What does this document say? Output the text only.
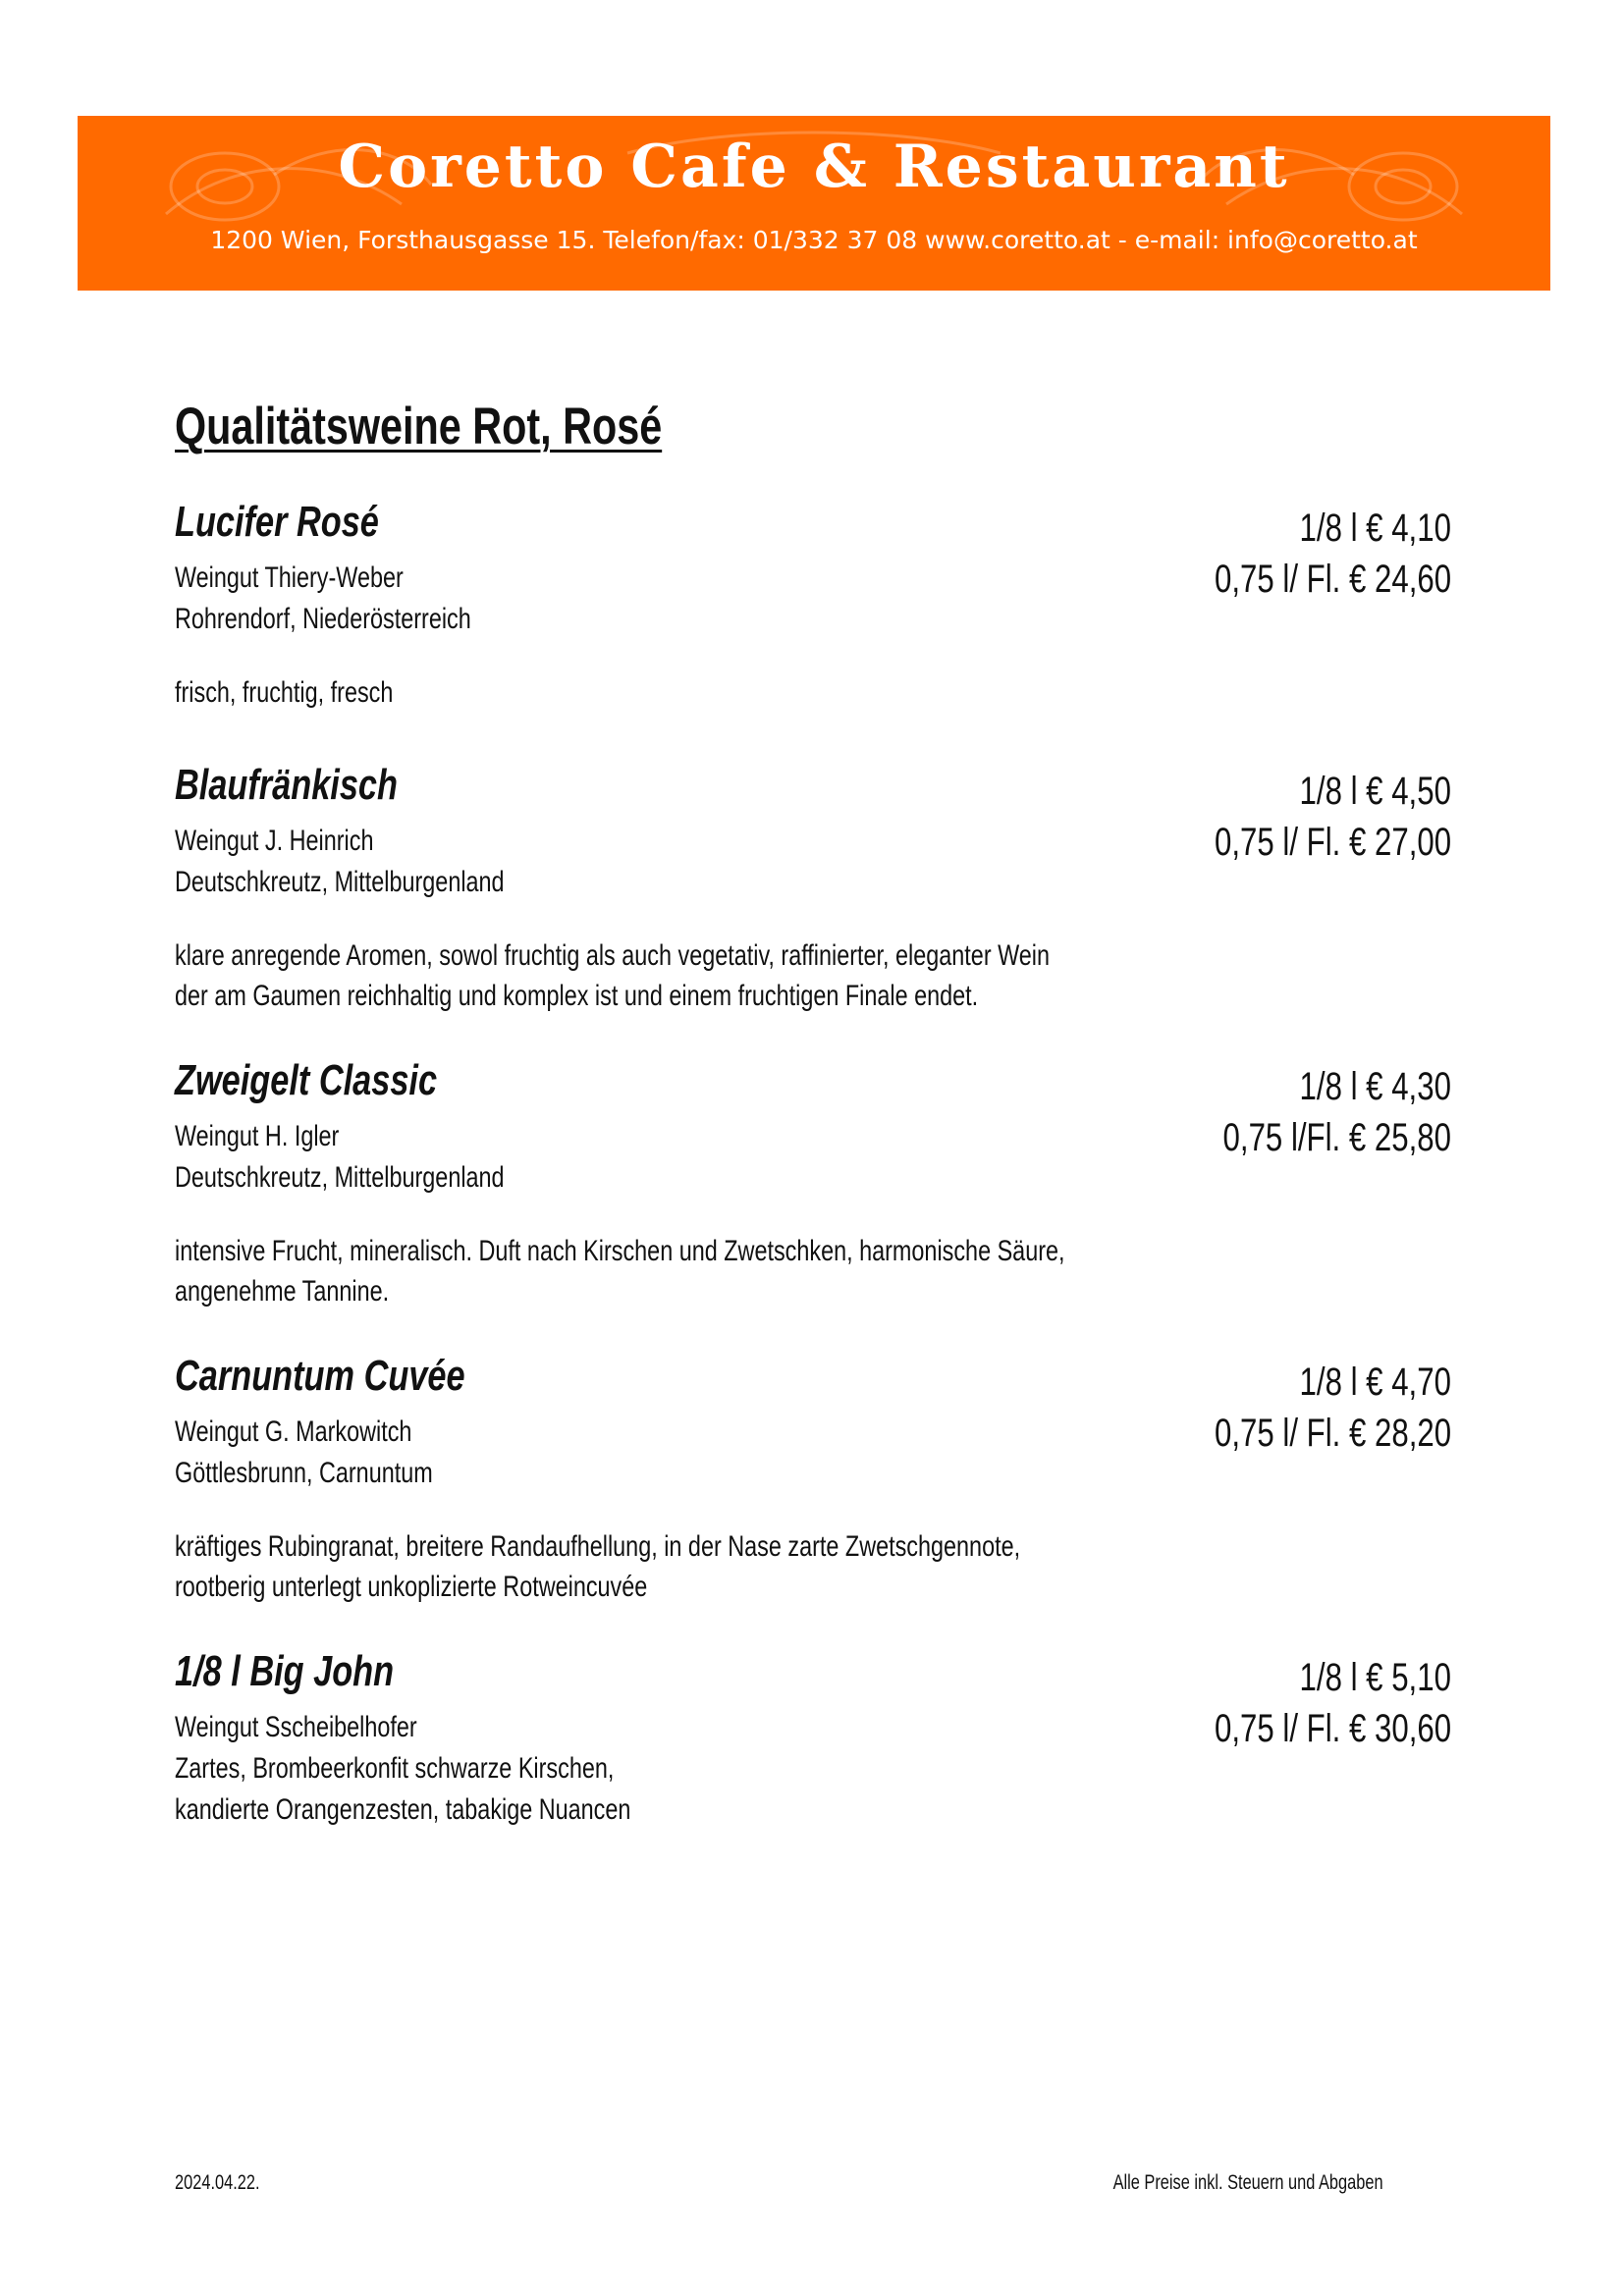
Coretto Cafe & Restaurant
1200 Wien, Forsthausgasse 15. Telefon/fax: 01/332 37 08 www.coretto.at - e-mail: info@coretto.at
Qualitätsweine Rot, Rosé
Lucifer Rosé
Weingut Thiery-Weber
Rohrendorf, Niederösterreich
frisch, fruchtig, fresch
1/8 l € 4,10
0,75 l/ Fl. € 24,60
Blaufränkisch
Weingut J. Heinrich
Deutschkreutz, Mittelburgenland
klare anregende Aromen, sowol fruchtig als auch vegetativ, raffinierter, eleganter Wein
der am Gaumen reichhaltig und komplex ist und einem fruchtigen Finale endet.
1/8 l € 4,50
0,75 l/ Fl. € 27,00
Zweigelt Classic
Weingut H. Igler
Deutschkreutz, Mittelburgenland
intensive Frucht, mineralisch. Duft nach Kirschen und Zwetschken, harmonische Säure,
angenehme Tannine.
1/8 l € 4,30
0,75 l/Fl. € 25,80
Carnuntum Cuvée
Weingut G. Markowitch
Göttlesbrunn, Carnuntum
kräftiges Rubingranat, breitere Randaufhellung, in der Nase zarte Zwetschgennote,
rootberig unterlegt unkoplizierte Rotweincuvée
1/8 l € 4,70
0,75 l/ Fl. € 28,20
1/8 l Big John
Weingut Sscheibelhofer
Zartes, Brombeerkonfit schwarze Kirschen,
kandierte Orangenzesten, tabakige Nuancen
1/8 l € 5,10
0,75 l/ Fl. € 30,60
2024.04.22.	Alle Preise inkl. Steuern und Abgaben
